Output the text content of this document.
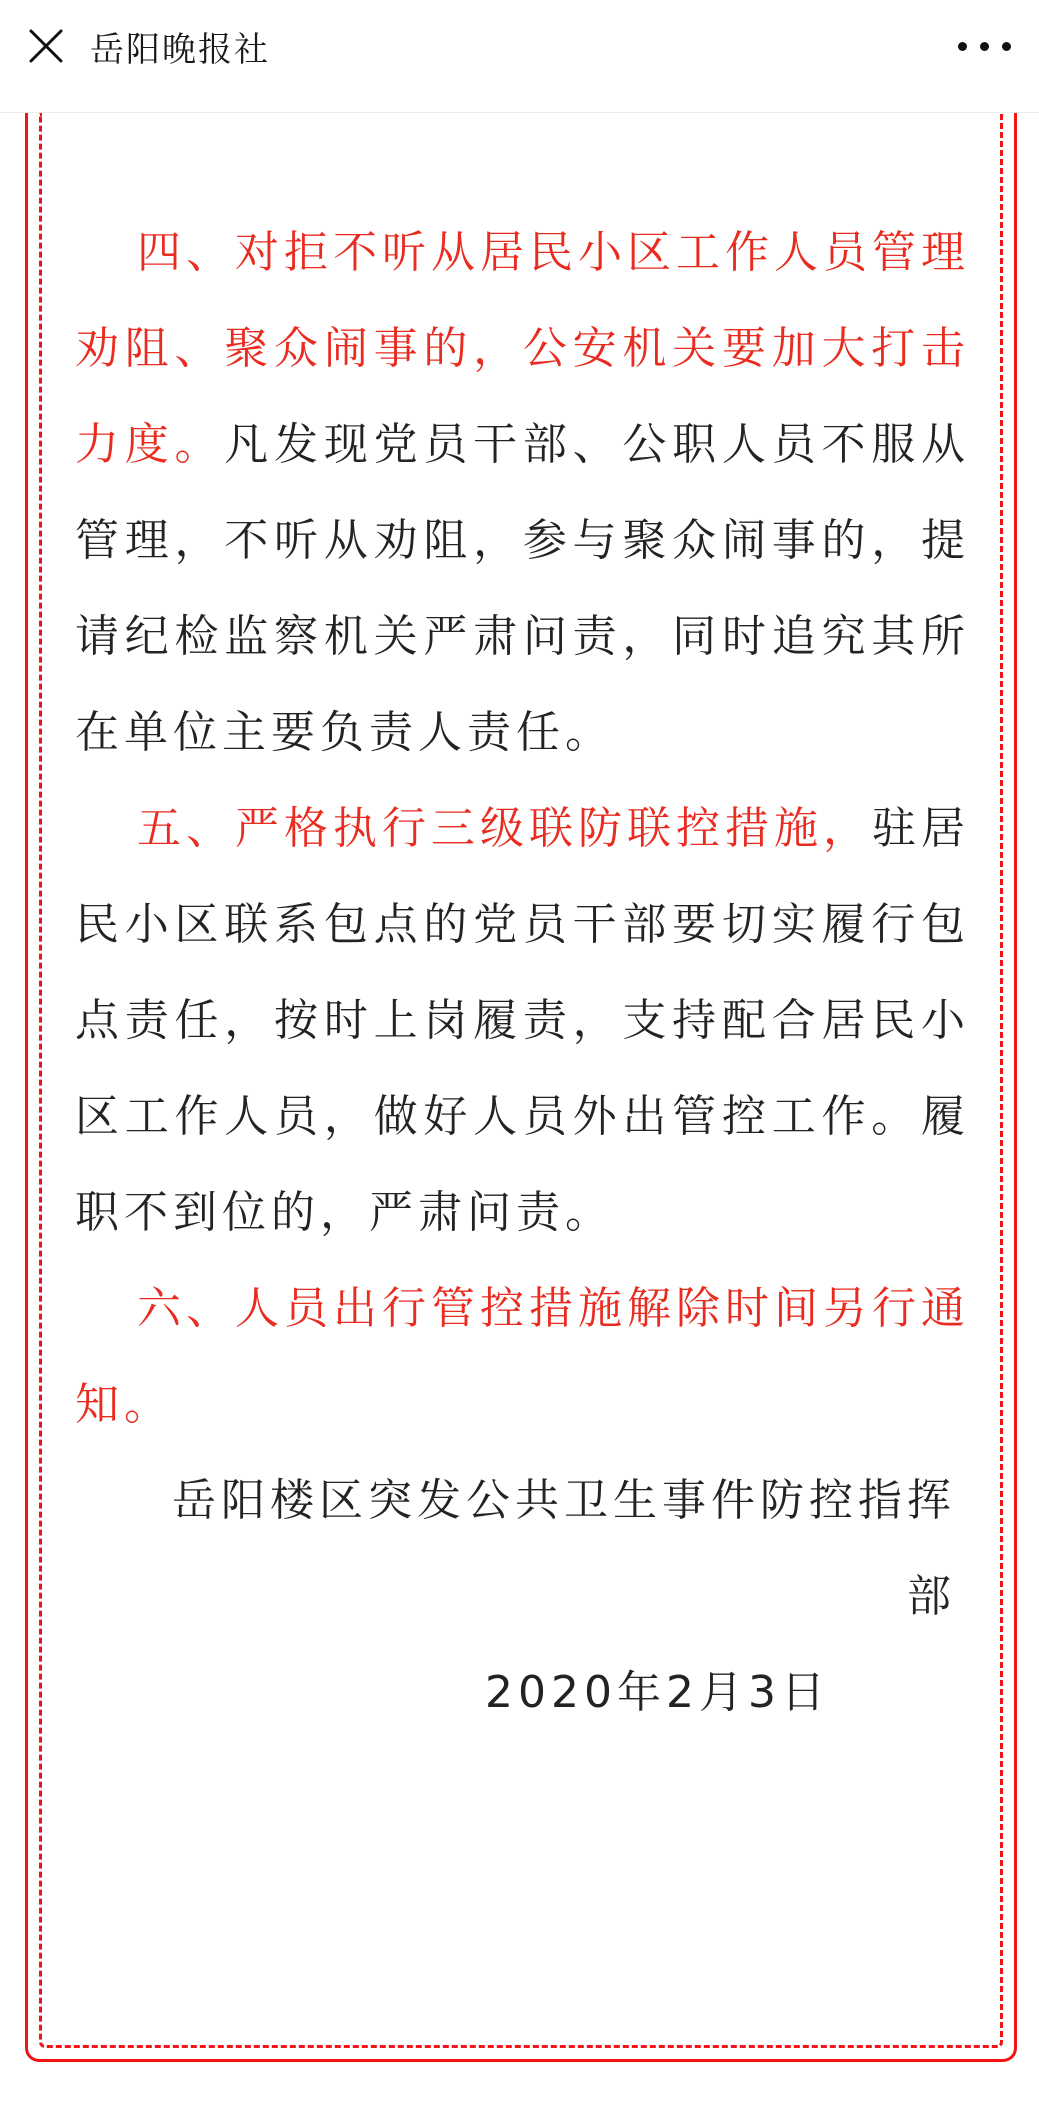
岳阳晚报社

四、对拒不听从居民小区工作人员管理劝阻、聚众闹事的，公安机关要加大打击力度。凡发现党员干部、公职人员不服从管理，不听从劝阻，参与聚众闹事的，提请纪检监察机关严肃问责，同时追究其所在单位主要负责人责任。

五、严格执行三级联防联控措施，驻居民小区联系包点的党员干部要切实履行包点责任，按时上岗履责，支持配合居民小区工作人员，做好人员外出管控工作。履职不到位的，严肃问责。

六、人员出行管控措施解除时间另行通知。

岳阳楼区突发公共卫生事件防控指挥
部

2020年2月3日
